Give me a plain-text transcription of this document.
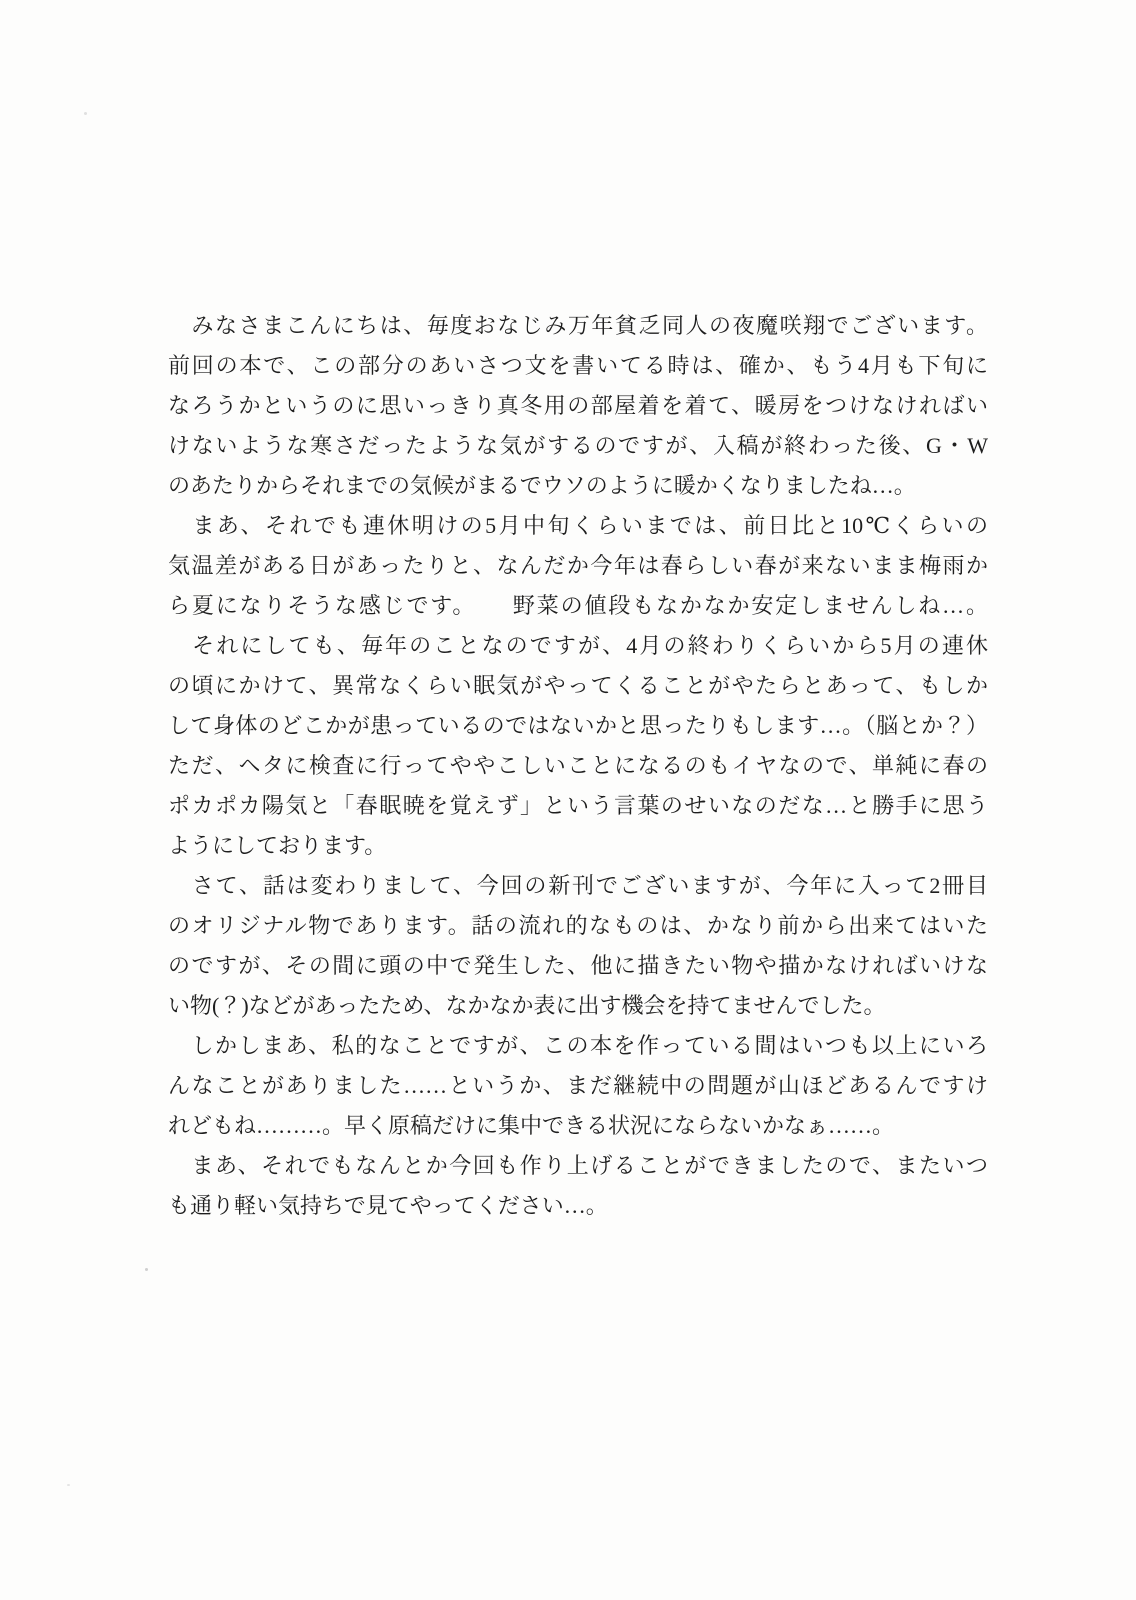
　みなさまこんにちは、毎度おなじみ万年貧乏同人の夜魔咲翔でございます。
前回の本で、この部分のあいさつ文を書いてる時は、確か、もう4月も下旬に
なろうかというのに思いっきり真冬用の部屋着を着て、暖房をつけなければい
けないような寒さだったような気がするのですが、入稿が終わった後、G・W
のあたりからそれまでの気候がまるでウソのように暖かくなりましたね…。
　まあ、それでも連休明けの5月中旬くらいまでは、前日比と10℃くらいの
気温差がある日があったりと、なんだか今年は春らしい春が来ないまま梅雨か
ら夏になりそうな感じです。　　野菜の値段もなかなか安定しませんしね…。
　それにしても、毎年のことなのですが、4月の終わりくらいから5月の連休
の頃にかけて、異常なくらい眠気がやってくることがやたらとあって、もしか
して身体のどこかが患っているのではないかと思ったりもします…。（脳とか？）
ただ、ヘタに検査に行ってややこしいことになるのもイヤなので、単純に春の
ポカポカ陽気と「春眠暁を覚えず」という言葉のせいなのだな…と勝手に思う
ようにしております。
　さて、話は変わりまして、今回の新刊でございますが、今年に入って2冊目
のオリジナル物であります。話の流れ的なものは、かなり前から出来てはいた
のですが、その間に頭の中で発生した、他に描きたい物や描かなければいけな
い物(？)などがあったため、なかなか表に出す機会を持てませんでした。
　しかしまあ、私的なことですが、この本を作っている間はいつも以上にいろ
んなことがありました……というか、まだ継続中の問題が山ほどあるんですけ
れどもね………。早く原稿だけに集中できる状況にならないかなぁ……。
　まあ、それでもなんとか今回も作り上げることができましたので、またいつ
も通り軽い気持ちで見てやってください…。
